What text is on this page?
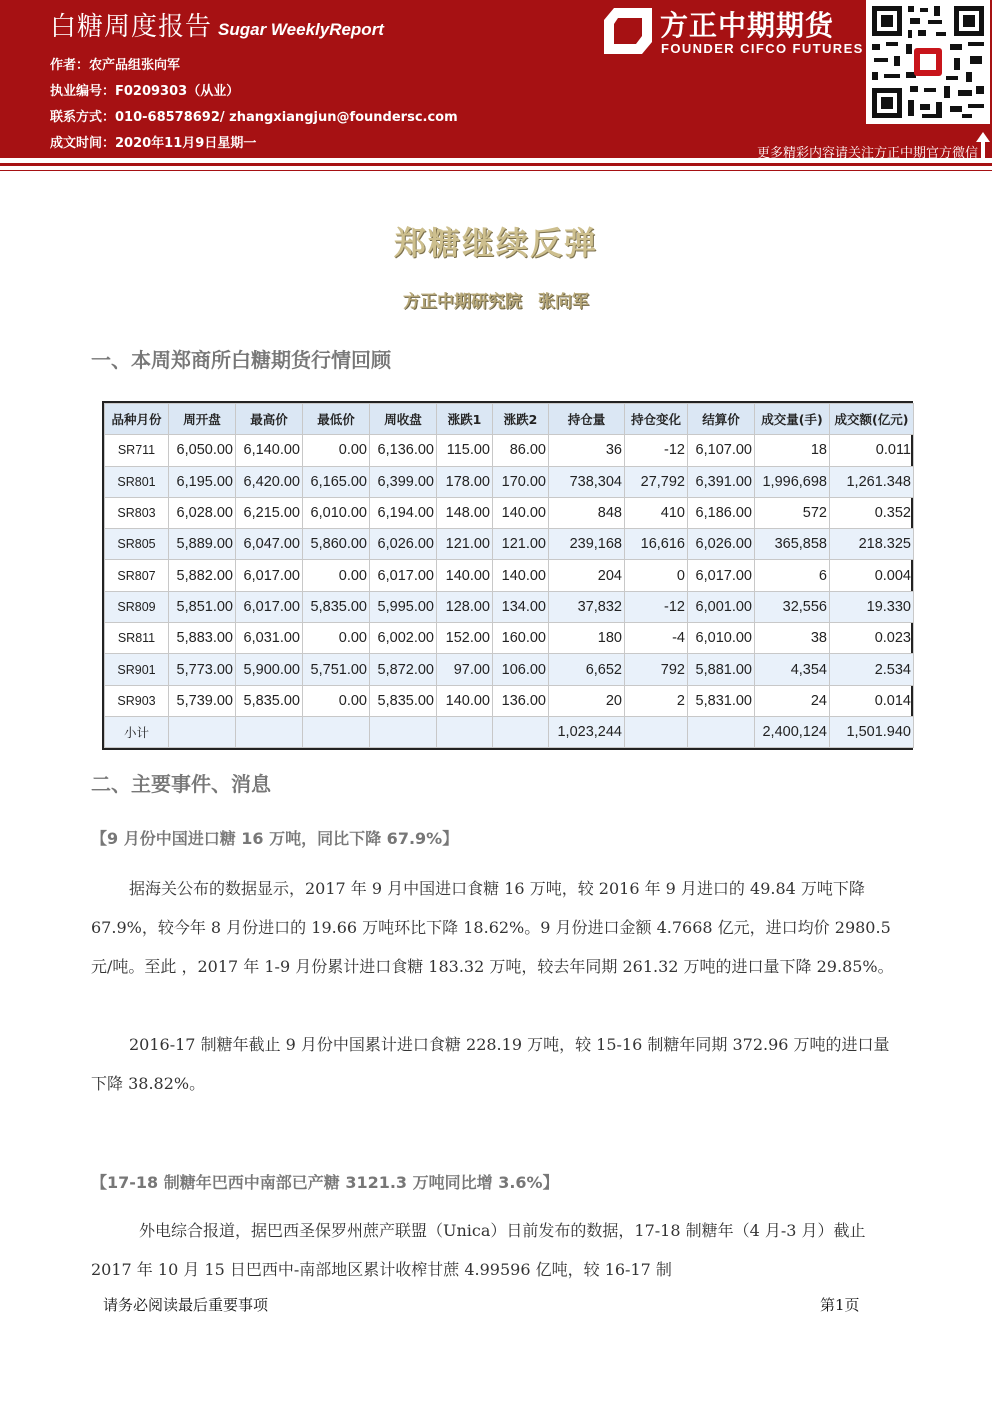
白糖周度报告 Sugar WeeklyReport
作者：农产品组张向军
执业编号：F0209303（从业）
联系方式：010-68578692/ zhangxiangjun@foundersc.com
成文时间：2020年11月9日星期一
方正中期期货
FOUNDER CIFCO FUTURES
更多精彩内容请关注方正中期官方微信
郑糖继续反弹
方正中期研究院 张向军
一、本周郑商所白糖期货行情回顾
品种月份	周开盘	最高价	最低价	周收盘	涨跌1	涨跌2	持仓量	持仓变化	结算价	成交量(手)	成交额(亿元)
SR711	6,050.00	6,140.00	0.00	6,136.00	115.00	86.00	36	-12	6,107.00	18	0.011
SR801	6,195.00	6,420.00	6,165.00	6,399.00	178.00	170.00	738,304	27,792	6,391.00	1,996,698	1,261.348
SR803	6,028.00	6,215.00	6,010.00	6,194.00	148.00	140.00	848	410	6,186.00	572	0.352
SR805	5,889.00	6,047.00	5,860.00	6,026.00	121.00	121.00	239,168	16,616	6,026.00	365,858	218.325
SR807	5,882.00	6,017.00	0.00	6,017.00	140.00	140.00	204	0	6,017.00	6	0.004
SR809	5,851.00	6,017.00	5,835.00	5,995.00	128.00	134.00	37,832	-12	6,001.00	32,556	19.330
SR811	5,883.00	6,031.00	0.00	6,002.00	152.00	160.00	180	-4	6,010.00	38	0.023
SR901	5,773.00	5,900.00	5,751.00	5,872.00	97.00	106.00	6,652	792	5,881.00	4,354	2.534
SR903	5,739.00	5,835.00	0.00	5,835.00	140.00	136.00	20	2	5,831.00	24	0.014
小计							1,023,244			2,400,124	1,501.940
二、主要事件、消息
【9 月份中国进口糖 16 万吨，同比下降 67.9%】
据海关公布的数据显示，2017 年 9 月中国进口食糖 16 万吨，较 2016 年 9 月进口的 49.84 万吨下降 67.9%，较今年 8 月份进口的 19.66 万吨环比下降 18.62%。9 月份进口金额 4.7668 亿元，进口均价 2980.5 元/吨。至此 ，2017 年 1-9 月份累计进口食糖 183.32 万吨，较去年同期 261.32 万吨的进口量下降 29.85%。
2016-17 制糖年截止 9 月份中国累计进口食糖 228.19 万吨，较 15-16 制糖年同期 372.96 万吨的进口量下降 38.82%。
【17-18 制糖年巴西中南部已产糖 3121.3 万吨同比增 3.6%】
外电综合报道，据巴西圣保罗州蔗产联盟（Unica）日前发布的数据，17-18 制糖年（4 月-3 月）截止 2017 年 10 月 15 日巴西中-南部地区累计收榨甘蔗 4.99596 亿吨，较 16-17 制
请务必阅读最后重要事项	第1页
